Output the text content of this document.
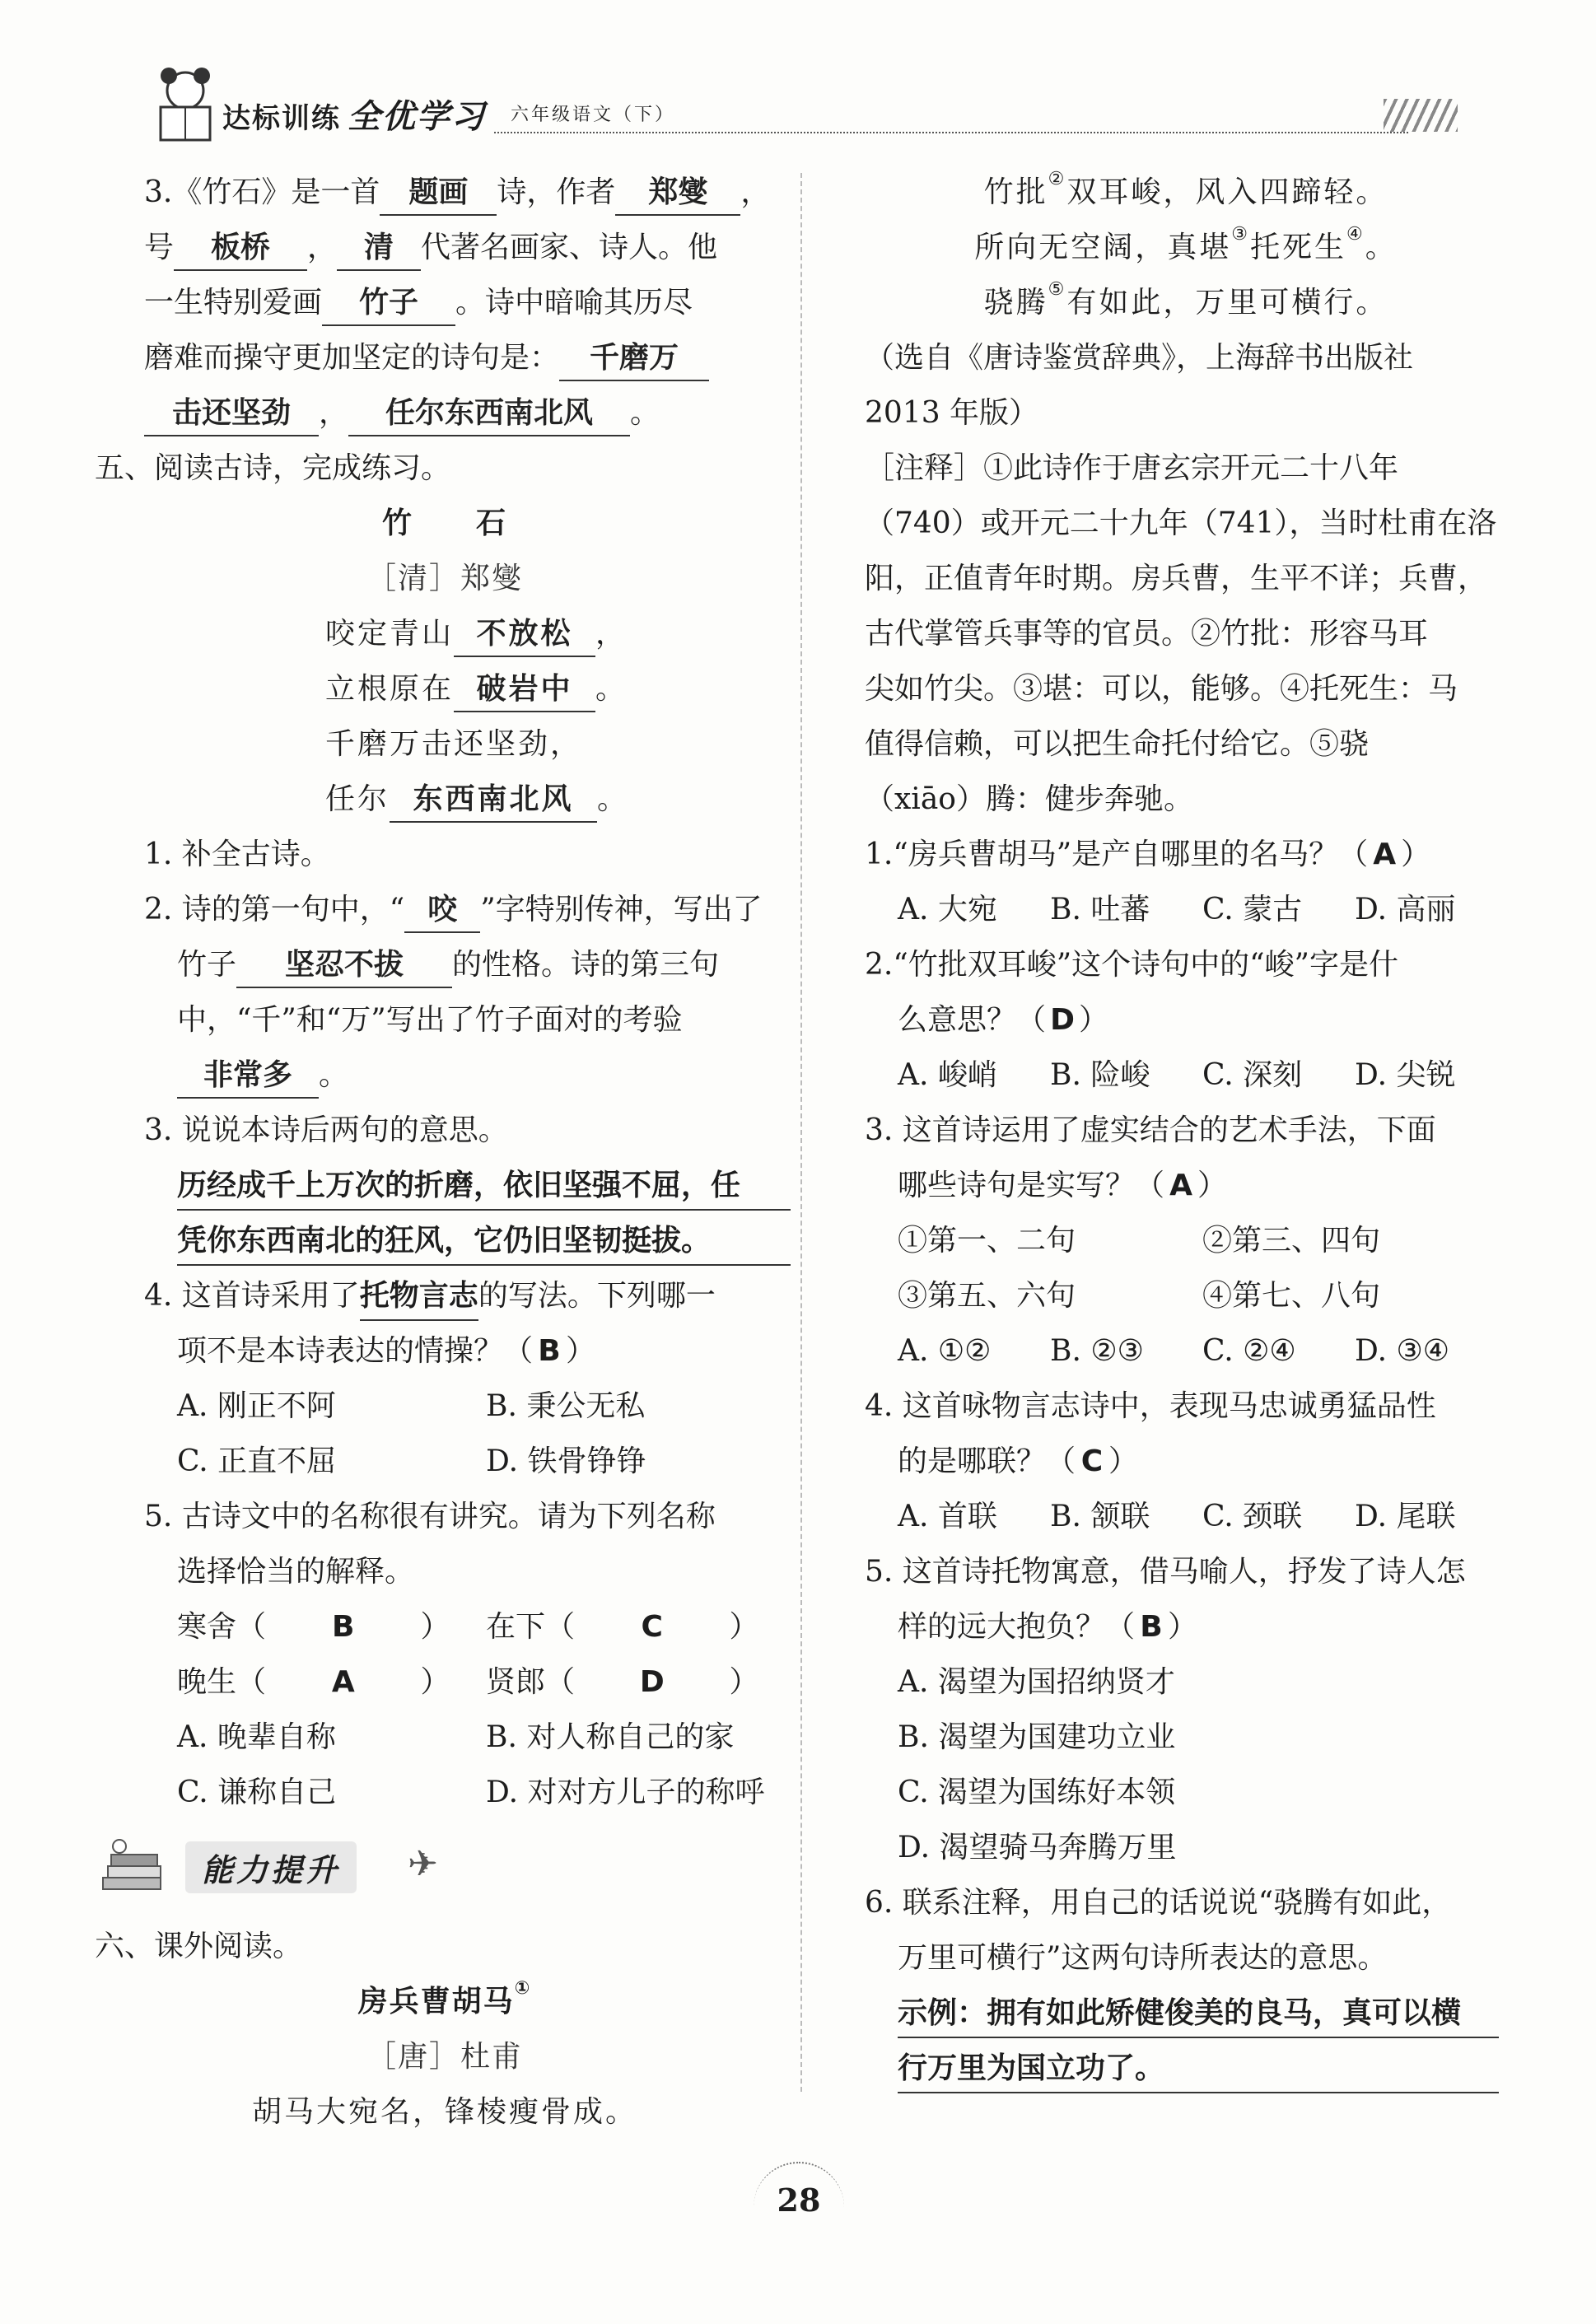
达标训练 全优学习 六年级语文（下）
3.《竹石》是一首 题画 诗，作者 郑燮 ，
号 板桥 ， 清 代著名画家、诗人。他
一生特别爱画 竹子 。诗中暗喻其历尽
磨难而操守更加坚定的诗句是： 千磨万
击还坚劲 ， 任尔东西南北风 。
五、阅读古诗，完成练习。
竹　　石
［清］郑燮
咬定青山 不放松 ，
立根原在 破岩中 。
千磨万击还坚劲，
任尔 东西南北风 。
1. 补全古诗。
2. 诗的第一句中，“ 咬 ”字特别传神，写出了
竹子 坚忍不拔 的性格。诗的第三句
中，“千”和“万”写出了竹子面对的考验
非常多 。
3. 说说本诗后两句的意思。
历经成千上万次的折磨，依旧坚强不屈，任
凭你东西南北的狂风，它仍旧坚韧挺拔。
4. 这首诗采用了托物言志的写法。下列哪一
项不是本诗表达的情操？（ B ）
A. 刚正不阿	B. 秉公无私
C. 正直不屈	D. 铁骨铮铮
5. 古诗文中的名称很有讲究。请为下列名称
选择恰当的解释。
寒舍（ B ）	在下（ C ）
晚生（ A ）	贤郎（ D ）
A. 晚辈自称	B. 对人称自己的家
C. 谦称自己	D. 对对方儿子的称呼
能力提升	✈
六、课外阅读。
房兵曹胡马①
［唐］杜甫
胡马大宛名，锋棱瘦骨成。
竹批②双耳峻，风入四蹄轻。
所向无空阔，真堪③托死生④。
骁腾⑤有如此，万里可横行。
（选自《唐诗鉴赏辞典》，上海辞书出版社
2013 年版）
［注释］①此诗作于唐玄宗开元二十八年
（740）或开元二十九年（741），当时杜甫在洛
阳，正值青年时期。房兵曹，生平不详；兵曹，
古代掌管兵事等的官员。②竹批：形容马耳
尖如竹尖。③堪：可以，能够。④托死生：马
值得信赖，可以把生命托付给它。⑤骁
（xiāo）腾：健步奔驰。
1.“房兵曹胡马”是产自哪里的名马？（ A ）
A. 大宛	B. 吐蕃	C. 蒙古	D. 高丽
2.“竹批双耳峻”这个诗句中的“峻”字是什
么意思？（ D ）
A. 峻峭	B. 险峻	C. 深刻	D. 尖锐
3. 这首诗运用了虚实结合的艺术手法，下面
哪些诗句是实写？（ A ）
①第一、二句	②第三、四句
③第五、六句	④第七、八句
A. ①②	B. ②③	C. ②④	D. ③④
4. 这首咏物言志诗中，表现马忠诚勇猛品性
的是哪联？（ C ）
A. 首联	B. 颔联	C. 颈联	D. 尾联
5. 这首诗托物寓意，借马喻人，抒发了诗人怎
样的远大抱负？（ B ）
A. 渴望为国招纳贤才
B. 渴望为国建功立业
C. 渴望为国练好本领
D. 渴望骑马奔腾万里
6. 联系注释，用自己的话说说“骁腾有如此，
万里可横行”这两句诗所表达的意思。
示例：拥有如此矫健俊美的良马，真可以横
行万里为国立功了。
28
